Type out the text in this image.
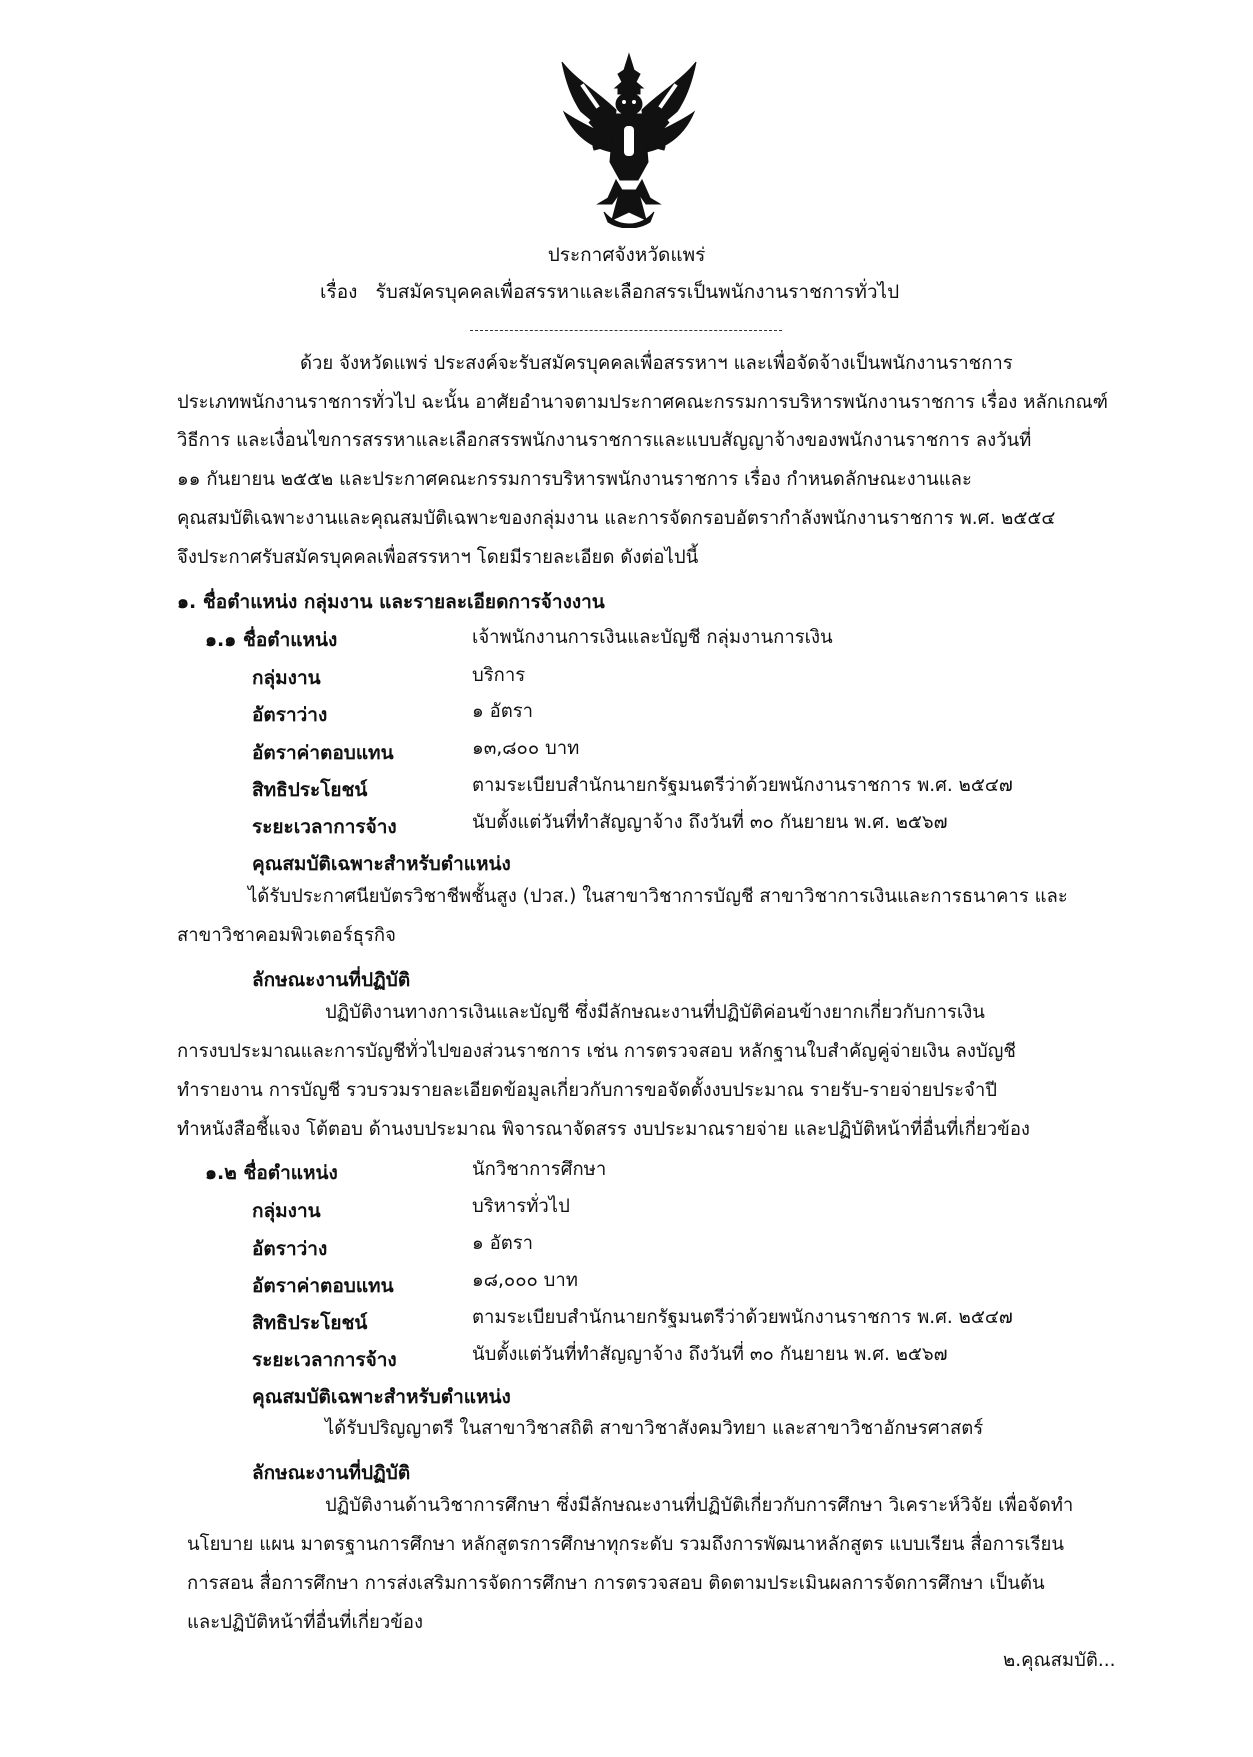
ประกาศจังหวัดแพร่
เรื่อง รับสมัครบุคคลเพื่อสรรหาและเลือกสรรเป็นพนักงานราชการทั่วไป
ด้วย จังหวัดแพร่ ประสงค์จะรับสมัครบุคคลเพื่อสรรหาฯ และเพื่อจัดจ้างเป็นพนักงานราชการ
ประเภทพนักงานราชการทั่วไป ฉะนั้น อาศัยอำนาจตามประกาศคณะกรรมการบริหารพนักงานราชการ เรื่อง หลักเกณฑ์
วิธีการ และเงื่อนไขการสรรหาและเลือกสรรพนักงานราชการและแบบสัญญาจ้างของพนักงานราชการ ลงวันที่
๑๑ กันยายน ๒๕๕๒ และประกาศคณะกรรมการบริหารพนักงานราชการ เรื่อง กำหนดลักษณะงานและ
คุณสมบัติเฉพาะงานและคุณสมบัติเฉพาะของกลุ่มงาน และการจัดกรอบอัตรากำลังพนักงานราชการ พ.ศ. ๒๕๕๔
จึงประกาศรับสมัครบุคคลเพื่อสรรหาฯ โดยมีรายละเอียด ดังต่อไปนี้
๑. ชื่อตำแหน่ง กลุ่มงาน และรายละเอียดการจ้างงาน
๑.๑ ชื่อตำแหน่ง	เจ้าพนักงานการเงินและบัญชี กลุ่มงานการเงิน
กลุ่มงาน	บริการ
อัตราว่าง	๑ อัตรา
อัตราค่าตอบแทน	๑๓,๘๐๐ บาท
สิทธิประโยชน์	ตามระเบียบสำนักนายกรัฐมนตรีว่าด้วยพนักงานราชการ พ.ศ. ๒๕๔๗
ระยะเวลาการจ้าง	นับตั้งแต่วันที่ทำสัญญาจ้าง ถึงวันที่ ๓๐ กันยายน พ.ศ. ๒๕๖๗
คุณสมบัติเฉพาะสำหรับตำแหน่ง
ได้รับประกาศนียบัตรวิชาชีพชั้นสูง (ปวส.) ในสาขาวิชาการบัญชี สาขาวิชาการเงินและการธนาคาร และ
สาขาวิชาคอมพิวเตอร์ธุรกิจ
ลักษณะงานที่ปฏิบัติ
ปฏิบัติงานทางการเงินและบัญชี ซึ่งมีลักษณะงานที่ปฏิบัติค่อนข้างยากเกี่ยวกับการเงิน
การงบประมาณและการบัญชีทั่วไปของส่วนราชการ เช่น การตรวจสอบ หลักฐานใบสำคัญคู่จ่ายเงิน ลงบัญชี
ทำรายงาน การบัญชี รวบรวมรายละเอียดข้อมูลเกี่ยวกับการขอจัดตั้งงบประมาณ รายรับ-รายจ่ายประจำปี
ทำหนังสือชี้แจง โต้ตอบ ด้านงบประมาณ พิจารณาจัดสรร งบประมาณรายจ่าย และปฏิบัติหน้าที่อื่นที่เกี่ยวข้อง
๑.๒ ชื่อตำแหน่ง	นักวิชาการศึกษา
กลุ่มงาน	บริหารทั่วไป
อัตราว่าง	๑ อัตรา
อัตราค่าตอบแทน	๑๘,๐๐๐ บาท
สิทธิประโยชน์	ตามระเบียบสำนักนายกรัฐมนตรีว่าด้วยพนักงานราชการ พ.ศ. ๒๕๔๗
ระยะเวลาการจ้าง	นับตั้งแต่วันที่ทำสัญญาจ้าง ถึงวันที่ ๓๐ กันยายน พ.ศ. ๒๕๖๗
คุณสมบัติเฉพาะสำหรับตำแหน่ง
ได้รับปริญญาตรี ในสาขาวิชาสถิติ สาขาวิชาสังคมวิทยา และสาขาวิชาอักษรศาสตร์
ลักษณะงานที่ปฏิบัติ
ปฏิบัติงานด้านวิชาการศึกษา ซึ่งมีลักษณะงานที่ปฏิบัติเกี่ยวกับการศึกษา วิเคราะห์วิจัย เพื่อจัดทำ
นโยบาย แผน มาตรฐานการศึกษา หลักสูตรการศึกษาทุกระดับ รวมถึงการพัฒนาหลักสูตร แบบเรียน สื่อการเรียน
การสอน สื่อการศึกษา การส่งเสริมการจัดการศึกษา การตรวจสอบ ติดตามประเมินผลการจัดการศึกษา เป็นต้น
และปฏิบัติหน้าที่อื่นที่เกี่ยวข้อง
๒.คุณสมบัติ...
